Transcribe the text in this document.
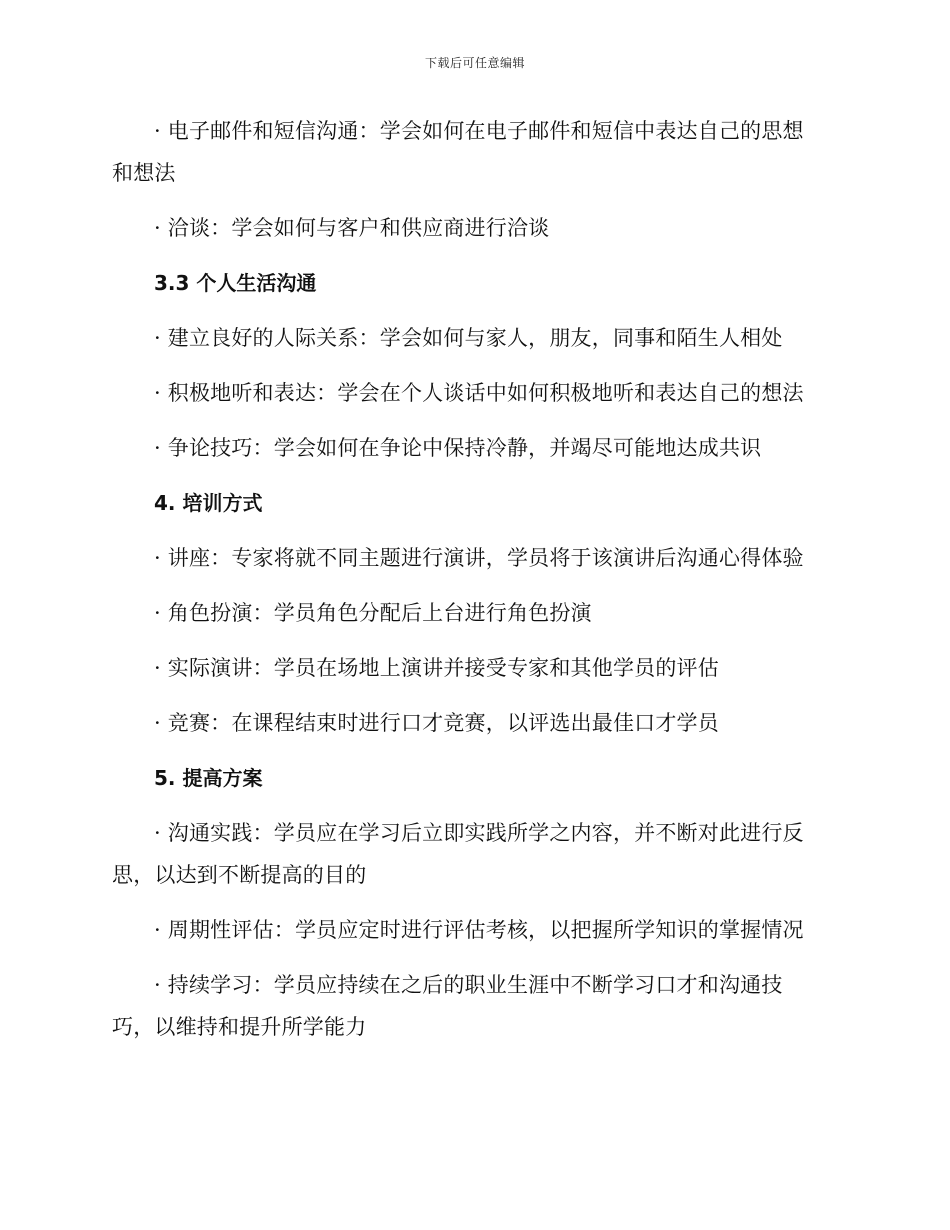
下载后可任意编辑

· 电子邮件和短信沟通：学会如何在电子邮件和短信中表达自己的思想和想法

· 洽谈：学会如何与客户和供应商进行洽谈

3.3 个人生活沟通

· 建立良好的人际关系：学会如何与家人，朋友，同事和陌生人相处

· 积极地听和表达：学会在个人谈话中如何积极地听和表达自己的想法

· 争论技巧：学会如何在争论中保持冷静，并竭尽可能地达成共识

4. 培训方式

· 讲座：专家将就不同主题进行演讲，学员将于该演讲后沟通心得体验

· 角色扮演：学员角色分配后上台进行角色扮演

· 实际演讲：学员在场地上演讲并接受专家和其他学员的评估

· 竞赛：在课程结束时进行口才竞赛，以评选出最佳口才学员

5. 提高方案

· 沟通实践：学员应在学习后立即实践所学之内容，并不断对此进行反思，以达到不断提高的目的

· 周期性评估：学员应定时进行评估考核，以把握所学知识的掌握情况

· 持续学习：学员应持续在之后的职业生涯中不断学习口才和沟通技巧，以维持和提升所学能力
